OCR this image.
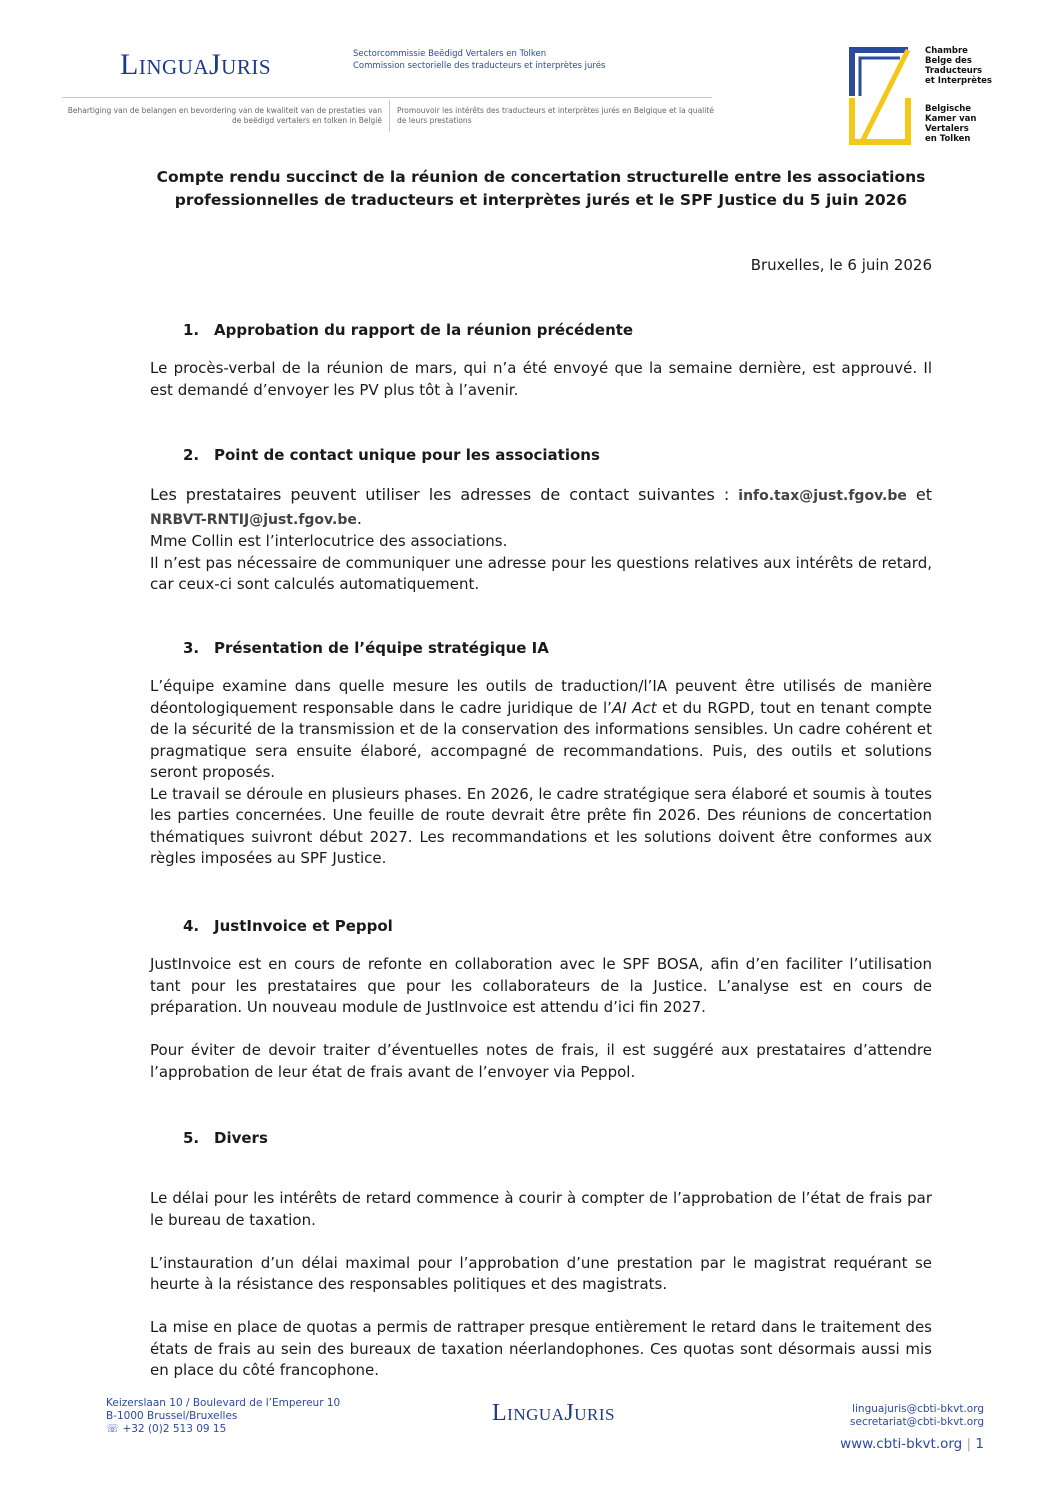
LinguaJuris	Sectorcommissie Beëdigd Vertalers en Tolken
Commission sectorielle des traducteurs et interprètes jurés
Behartiging van de belangen en bevordering van de kwaliteit van de prestaties van
de beëdigd vertalers en tolken in België
Promouvoir les intérêts des traducteurs et interprètes jurés en Belgique et la qualité
de leurs prestations
Chambre
Belge des
Traducteurs
et Interprètes
Belgische
Kamer van
Vertalers
en Tolken
Compte rendu succinct de la réunion de concertation structurelle entre les associations
professionnelles de traducteurs et interprètes jurés et le SPF Justice du 5 juin 2026
Bruxelles, le 6 juin 2026
1. Approbation du rapport de la réunion précédente

Le procès-verbal de la réunion de mars, qui n’a été envoyé que la semaine dernière, est approuvé. Il est demandé d’envoyer les PV plus tôt à l’avenir.

2. Point de contact unique pour les associations

Les prestataires peuvent utiliser les adresses de contact suivantes : info.tax@just.fgov.be et NRBVT-RNTIJ@just.fgov.be.

Mme Collin est l’interlocutrice des associations.

Il n’est pas nécessaire de communiquer une adresse pour les questions relatives aux intérêts de retard, car ceux-ci sont calculés automatiquement.

3. Présentation de l’équipe stratégique IA

L’équipe examine dans quelle mesure les outils de traduction/l’IA peuvent être utilisés de manière déontologiquement responsable dans le cadre juridique de l’AI Act et du RGPD, tout en tenant compte de la sécurité de la transmission et de la conservation des informations sensibles. Un cadre cohérent et pragmatique sera ensuite élaboré, accompagné de recommandations. Puis, des outils et solutions seront proposés.

Le travail se déroule en plusieurs phases. En 2026, le cadre stratégique sera élaboré et soumis à toutes les parties concernées. Une feuille de route devrait être prête fin 2026. Des réunions de concertation thématiques suivront début 2027. Les recommandations et les solutions doivent être conformes aux règles imposées au SPF Justice.

4. JustInvoice et Peppol

JustInvoice est en cours de refonte en collaboration avec le SPF BOSA, afin d’en faciliter l’utilisation tant pour les prestataires que pour les collaborateurs de la Justice. L’analyse est en cours de préparation. Un nouveau module de JustInvoice est attendu d’ici fin 2027.

Pour éviter de devoir traiter d’éventuelles notes de frais, il est suggéré aux prestataires d’attendre l’approbation de leur état de frais avant de l’envoyer via Peppol.

5. Divers

Le délai pour les intérêts de retard commence à courir à compter de l’approbation de l’état de frais par le bureau de taxation.

L’instauration d’un délai maximal pour l’approbation d’une prestation par le magistrat requérant se heurte à la résistance des responsables politiques et des magistrats.

La mise en place de quotas a permis de rattraper presque entièrement le retard dans le traitement des états de frais au sein des bureaux de taxation néerlandophones. Ces quotas sont désormais aussi mis en place du côté francophone.

Keizerslaan 10 / Boulevard de l’Empereur 10
B-1000 Brussel/Bruxelles
☏ +32 (0)2 513 09 15
LinguaJuris	linguajuris@cbti-bkvt.org
secretariat@cbti-bkvt.org
www.cbti-bkvt.org | 1
